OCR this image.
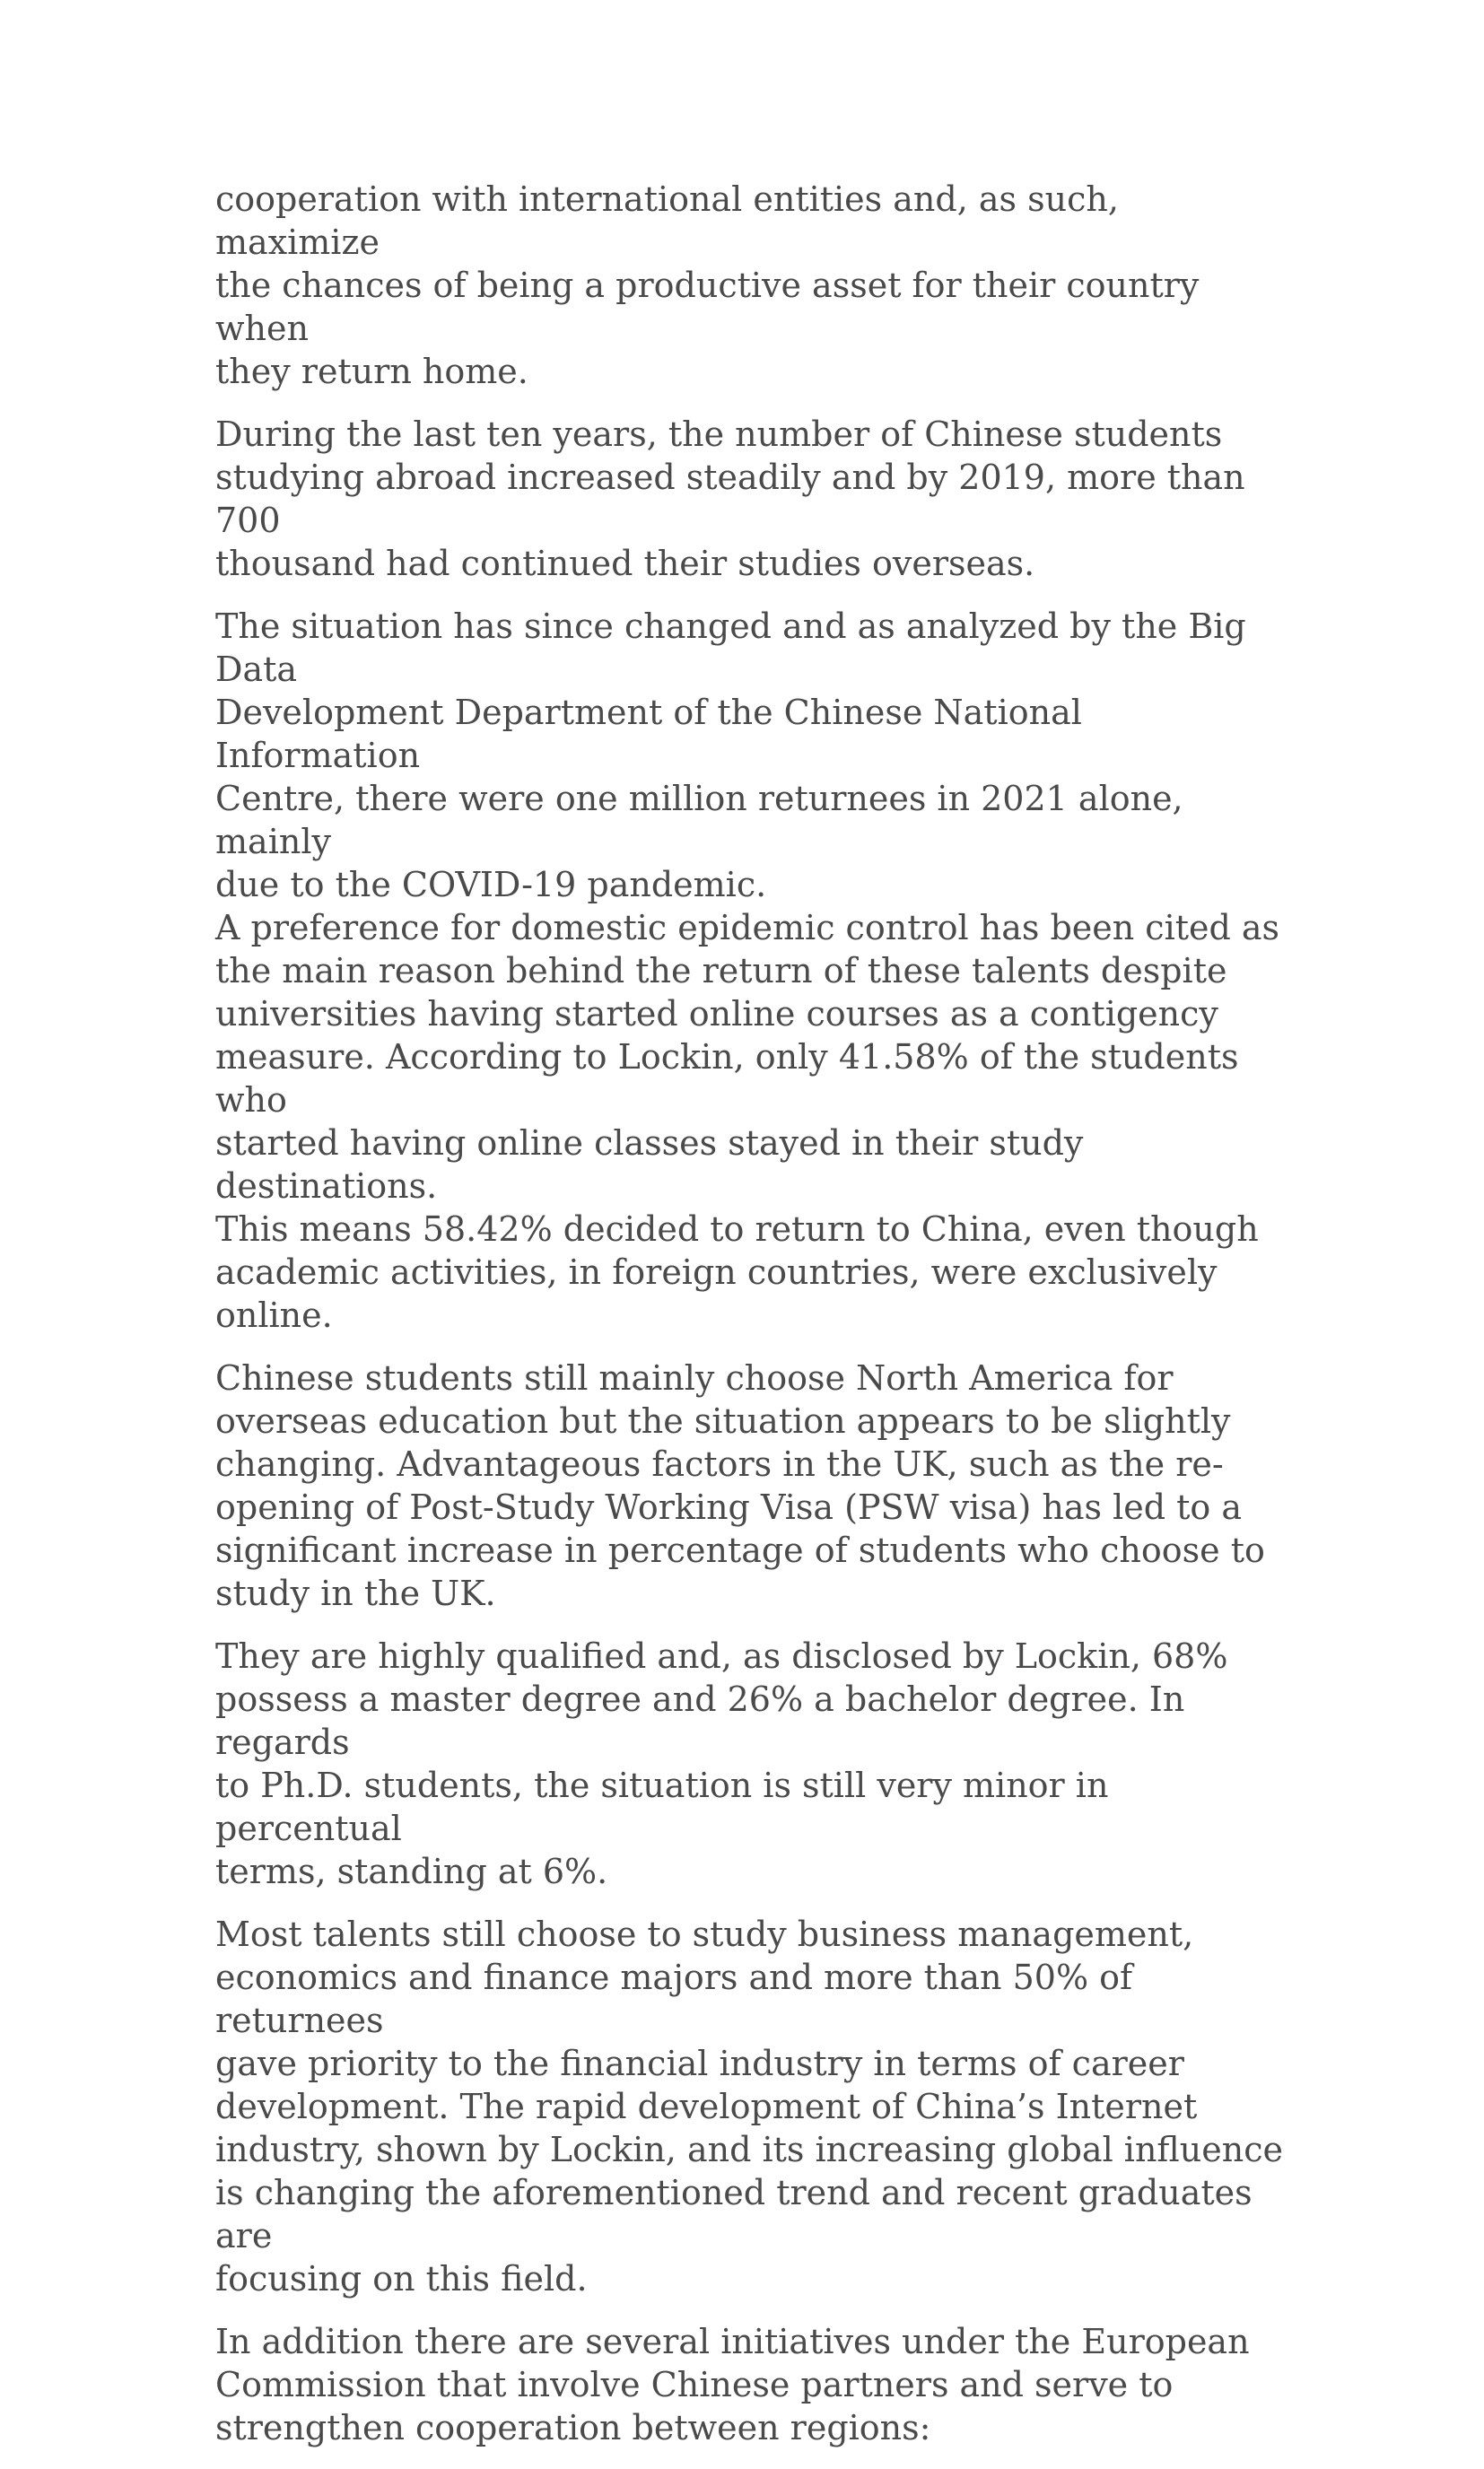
cooperation with international entities and, as such, maximize
the chances of being a productive asset for their country when
they return home.

During the last ten years, the number of Chinese students
studying abroad increased steadily and by 2019, more than 700
thousand had continued their studies overseas.

The situation has since changed and as analyzed by the Big Data
Development Department of the Chinese National Information
Centre, there were one million returnees in 2021 alone, mainly
due to the COVID-19 pandemic.

A preference for domestic epidemic control has been cited as
the main reason behind the return of these talents despite
universities having started online courses as a contigency
measure. According to Lockin, only 41.58% of the students who
started having online classes stayed in their study destinations.
This means 58.42% decided to return to China, even though
academic activities, in foreign countries, were exclusively
online.

Chinese students still mainly choose North America for
overseas education but the situation appears to be slightly
changing. Advantageous factors in the UK, such as the re-
opening of Post-Study Working Visa (PSW visa) has led to a
significant increase in percentage of students who choose to
study in the UK.

They are highly qualified and, as disclosed by Lockin, 68%
possess a master degree and 26% a bachelor degree. In regards
to Ph.D. students, the situation is still very minor in percentual
terms, standing at 6%.

Most talents still choose to study business management,
economics and finance majors and more than 50% of returnees
gave priority to the financial industry in terms of career
development. The rapid development of China’s Internet
industry, shown by Lockin, and its increasing global influence
is changing the aforementioned trend and recent graduates are
focusing on this field.

In addition there are several initiatives under the European
Commission that involve Chinese partners and serve to
strengthen cooperation between regions:
